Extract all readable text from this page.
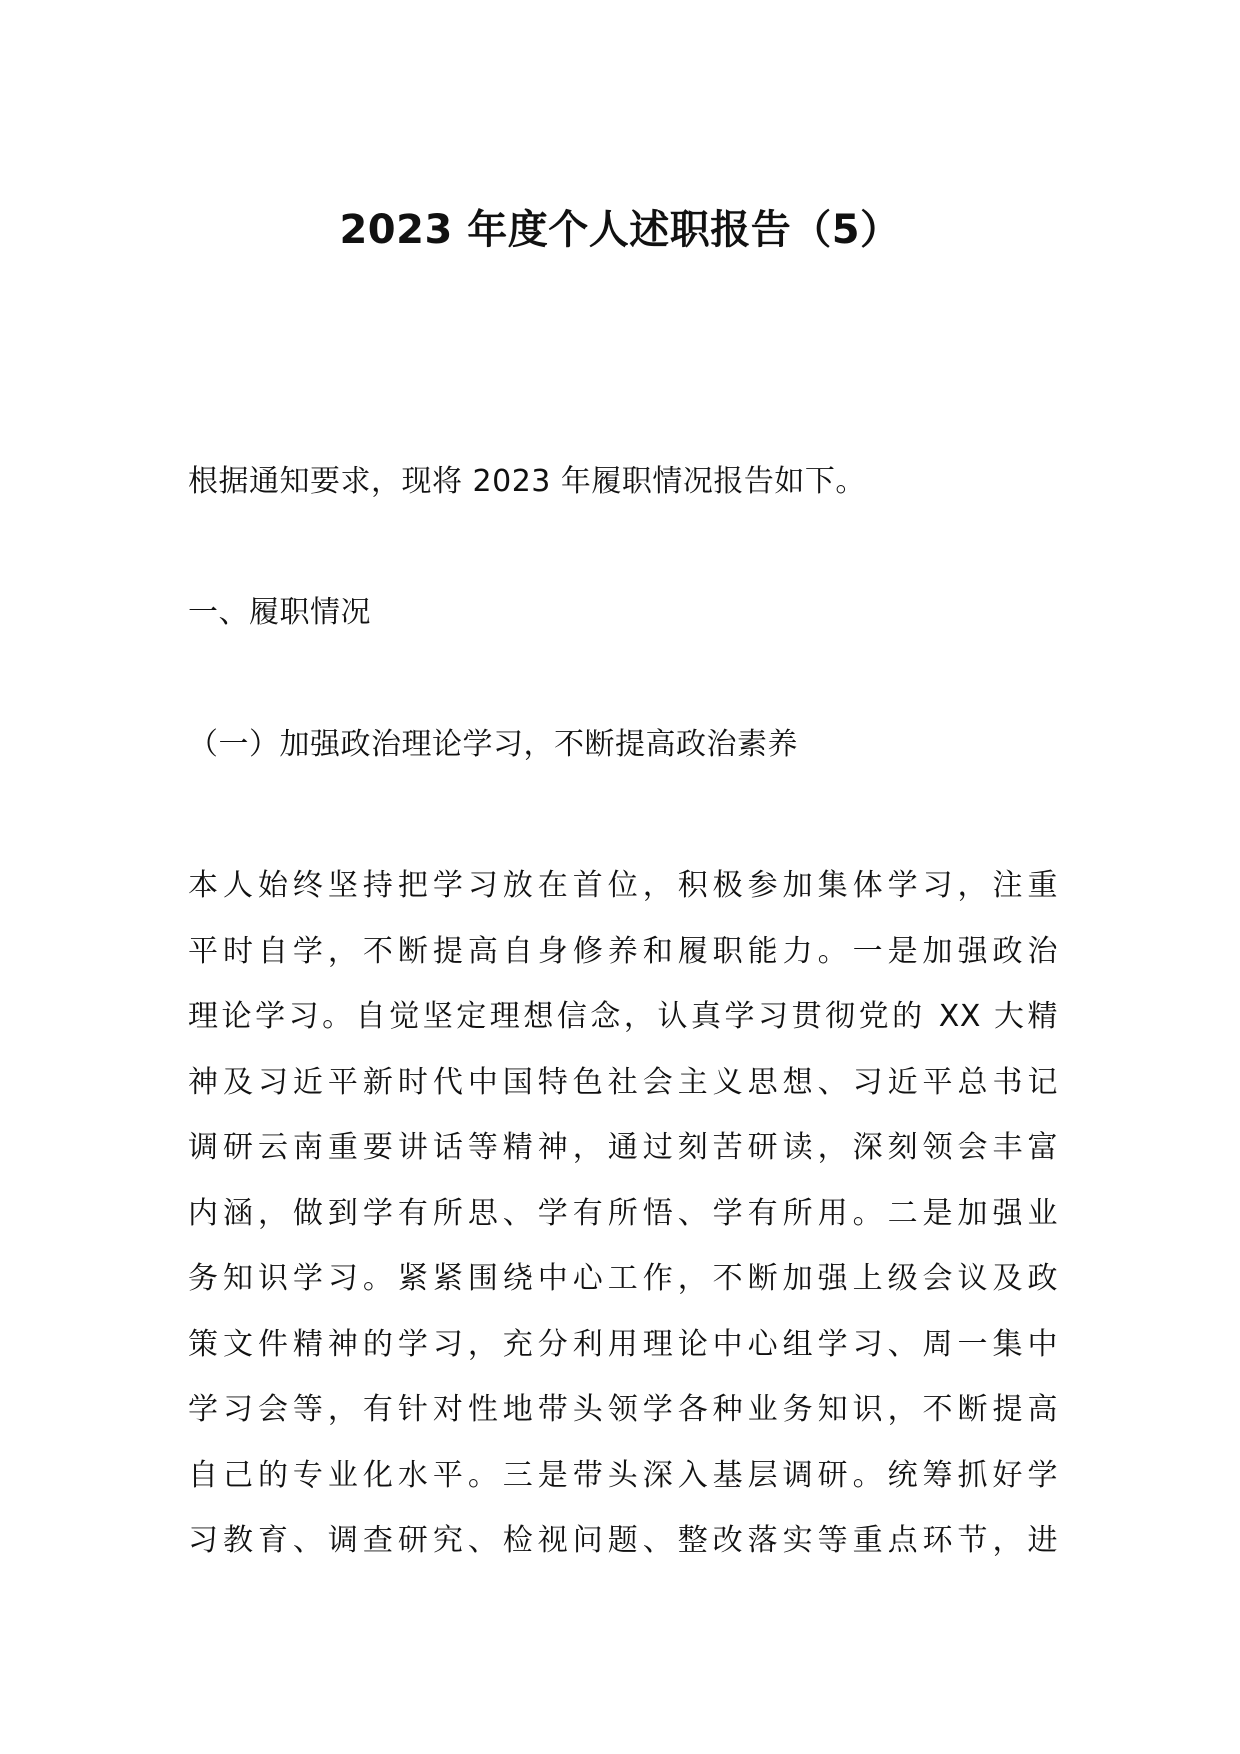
2023 年度个人述职报告（5）

根据通知要求，现将 2023 年履职情况报告如下。

一、履职情况

（一）加强政治理论学习，不断提高政治素养

本人始终坚持把学习放在首位，积极参加集体学习，注重
平时自学，不断提高自身修养和履职能力。一是加强政治
理论学习。自觉坚定理想信念，认真学习贯彻党的 XX 大精
神及习近平新时代中国特色社会主义思想、习近平总书记
调研云南重要讲话等精神，通过刻苦研读，深刻领会丰富
内涵，做到学有所思、学有所悟、学有所用。二是加强业
务知识学习。紧紧围绕中心工作，不断加强上级会议及政
策文件精神的学习，充分利用理论中心组学习、周一集中
学习会等，有针对性地带头领学各种业务知识，不断提高
自己的专业化水平。三是带头深入基层调研。统筹抓好学
习教育、调查研究、检视问题、整改落实等重点环节，进
